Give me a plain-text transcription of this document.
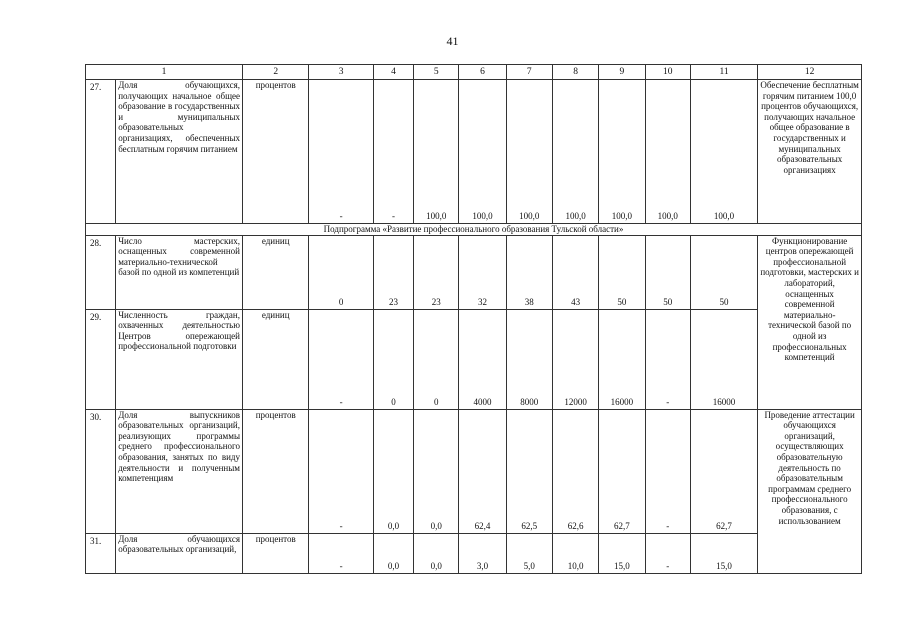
41
1		2	3	4	5	6	7	8	9	10	11	12
27.	Доля обучающихся, получающих начальное общее образование в государственных и муниципальных образовательных организациях, обеспеченных бесплатным горячим питанием	процентов	-	-	100,0	100,0	100,0	100,0	100,0	100,0	100,0	Обеспечение бесплатным горячим питанием 100,0 процентов обучающихся, получающих начальное общее образование в государственных и муниципальных образовательных организациях
Подпрограмма «Развитие профессионального образования Тульской области»												
28.	Число мастерских, оснащенных современной материально-технической базой по одной из компетенций	единиц	0	23	23	32	38	43	50	50	50	Функционирование центров опережающей профессиональной подготовки, мастерских и лабораторий, оснащенных современной материально-технической базой по одной из профессиональных компетенций
29.	Численность граждан, охваченных деятельностью Центров опережающей профессиональной подготовки	единиц	-	0	0	4000	8000	12000	16000	-	16000	
30.	Доля выпускников образовательных организаций, реализующих программы среднего профессионального образования, занятых по виду деятельности и полученным компетенциям	процентов	-	0,0	0,0	62,4	62,5	62,6	62,7	-	62,7	Проведение аттестации обучающихся организаций, осуществляющих образовательную деятельность по образовательным программам среднего профессионального образования, с использованием
31.	Доля обучающихся образовательных организаций,	процентов	-	0,0	0,0	3,0	5,0	10,0	15,0	-	15,0	
